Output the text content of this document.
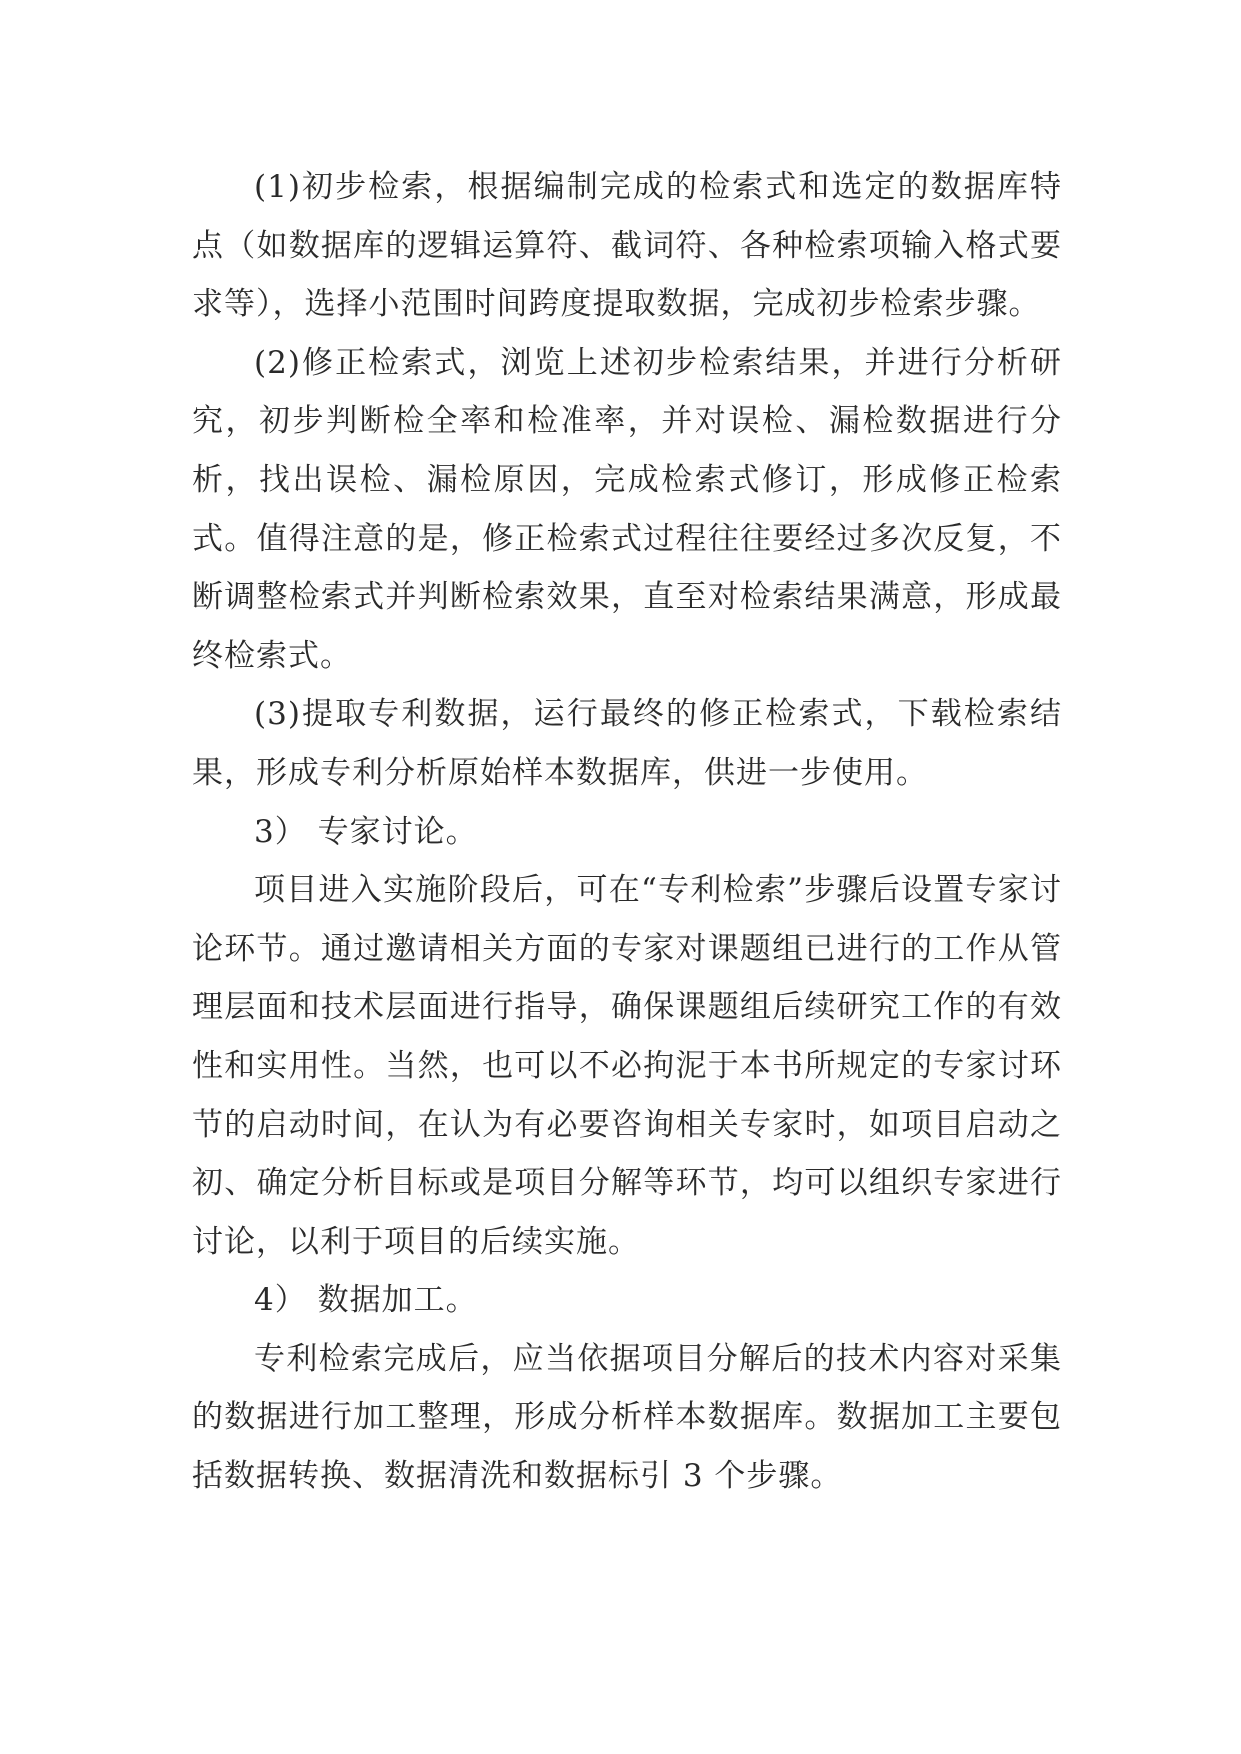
(1)初步检索，根据编制完成的检索式和选定的数据库特点（如数据库的逻辑运算符、截词符、各种检索项输入格式要求等），选择小范围时间跨度提取数据，完成初步检索步骤。

(2)修正检索式，浏览上述初步检索结果，并进行分析研究，初步判断检全率和检准率，并对误检、漏检数据进行分析，找出误检、漏检原因，完成检索式修订，形成修正检索式。值得注意的是，修正检索式过程往往要经过多次反复，不断调整检索式并判断检索效果，直至对检索结果满意，形成最终检索式。

(3)提取专利数据，运行最终的修正检索式，下载检索结果，形成专利分析原始样本数据库，供进一步使用。

3） 专家讨论。

项目进入实施阶段后，可在“专利检索”步骤后设置专家讨论环节。通过邀请相关方面的专家对课题组已进行的工作从管理层面和技术层面进行指导，确保课题组后续研究工作的有效性和实用性。当然，也可以不必拘泥于本书所规定的专家讨环节的启动时间，在认为有必要咨询相关专家时，如项目启动之初、确定分析目标或是项目分解等环节，均可以组织专家进行讨论，以利于项目的后续实施。

4） 数据加工。

专利检索完成后，应当依据项目分解后的技术内容对采集的数据进行加工整理，形成分析样本数据库。数据加工主要包括数据转换、数据清洗和数据标引 3 个步骤。
